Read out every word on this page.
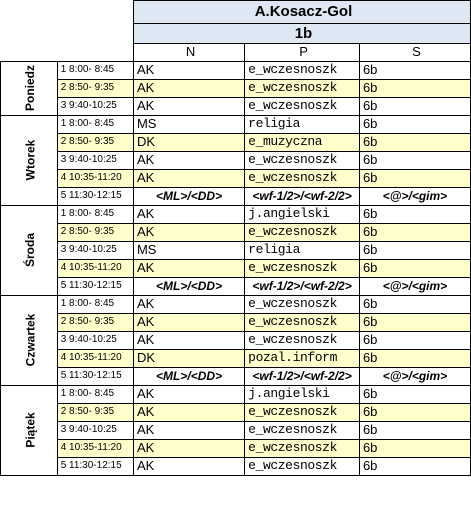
		A.Kosacz-Gol		
		1b		
		N	P	S
Poniedz	1 8:00- 8:45	AK	e_wczesnoszk	6b
	2 8:50- 9:35	AK	e_wczesnoszk	6b
	3 9:40-10:25	AK	e_wczesnoszk	6b
Wtorek	1 8:00- 8:45	MS	religia	6b
	2 8:50- 9:35	DK	e_muzyczna	6b
	3 9:40-10:25	AK	e_wczesnoszk	6b
	4 10:35-11:20	AK	e_wczesnoszk	6b
	5 11:30-12:15	<ML>/<DD>	<wf-1/2>/<wf-2/2>	<@>/<gim>
Środa	1 8:00- 8:45	AK	j.angielski	6b
	2 8:50- 9:35	AK	e_wczesnoszk	6b
	3 9:40-10:25	MS	religia	6b
	4 10:35-11:20	AK	e_wczesnoszk	6b
	5 11:30-12:15	<ML>/<DD>	<wf-1/2>/<wf-2/2>	<@>/<gim>
Czwartek	1 8:00- 8:45	AK	e_wczesnoszk	6b
	2 8:50- 9:35	AK	e_wczesnoszk	6b
	3 9:40-10:25	AK	e_wczesnoszk	6b
	4 10:35-11:20	DK	pozal.inform	6b
	5 11:30-12:15	<ML>/<DD>	<wf-1/2>/<wf-2/2>	<@>/<gim>
Piątek	1 8:00- 8:45	AK	j.angielski	6b
	2 8:50- 9:35	AK	e_wczesnoszk	6b
	3 9:40-10:25	AK	e_wczesnoszk	6b
	4 10:35-11:20	AK	e_wczesnoszk	6b
	5 11:30-12:15	AK	e_wczesnoszk	6b
